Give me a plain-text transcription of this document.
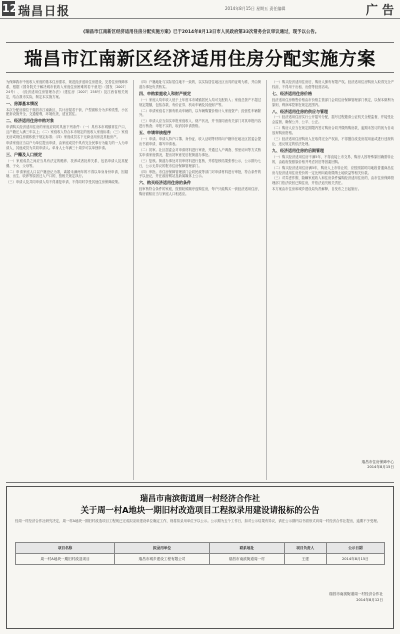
12 瑞昌日报	2014年8月15日 星期五 责任编辑	广 告
《瑞昌市江南新区经济适用住房分配实施方案》已于2014年8月13日市人民政府第33次常务会议审议通过，现予以公告。
瑞昌市江南新区经济适用住房分配实施方案

为保障我市中低收入家庭的基本住房需求，规范经济适用住房建设，完善住房保障体系，根据《国务院关于解决城市低收入家庭住房困难的若干意见》（国发〔2007〕24号）、《经济适用住房管理办法》（建住房〔2007〕258号）及江西省相关规定，结合我市实际，制定本实施方案。

一、房源基本情况

本次分配房源位于瑞昌市江南新区，共计房屋若干套，户型面积分为多种类型，小区配套设施齐全，交通便利，环境优美，适宜居住。

二、经济适用住房申购对象

申请购买经济适用住房的家庭应同时具备下列条件：（一）具有本市城镇常住户口，且户籍迁入满三年以上；（二）家庭收入符合本市规定的低收入家庭标准；（三）家庭无房或现住房面积低于规定标准；（四）家庭成员名下无商业用房及其他房产。

申请家庭应当以户为单位提出申请，由家庭成员中具有完全民事行为能力的一人为申请人，其他成员为共同申请人。单身人士年满三十周岁可以单独申请。

三、户籍及人口规定

（一）家庭成员之间应当具有法定的赡养、扶养或者抚养关系，包括申请人及其配偶、子女、父母等。

（二）申请家庭人口以户籍登记为准，离婚未满两年的不得以单身身份申请，因婚姻、出生、收养等原因迁入户口的，按相关规定执行。

（三）申请人及共同申请人均不得重复申请，不得同时享受其他住房保障政策。

（四）户籍地址与实际居住地不一致的，以实际居住地社区出具的证明为准，并由街道办事处负责核实。

四、申购家庭收入和财产规定

（一）家庭人均年收入低于上年度本市城镇居民人均可支配收入；家庭总资产不超过规定限额，包括存款、有价证券、机动车辆及其他财产等。

（二）申请家庭名下拥有机动车辆的，以车辆购置价格计入家庭资产；经营性车辆除外。

（三）申请人应当如实申报家庭收入、财产状况，并书面同意有关部门对其申报内容进行核查；申报不实的，取消其申请资格。

五、申请审核程序

（一）申请。申请人持户口簿、身份证、收入证明等材料向户籍所在地社区居委会提出书面申请，填写申请表。

（二）初审。社区居委会对申请材料进行审查，并通过入户调查、邻里访问等方式核实申请家庭情况，提出初审意见后报街道办事处。

（三）复核。街道办事处对初审材料进行复核，并将复核结果张榜公示，公示期为七日，公示无异议的报市住房保障管理部门。

（四）审批。市住房保障管理部门会同民政等部门对申请材料进行审批，符合条件的予以登记，并在政府网站及新闻媒体上公示。

六、购买经济适用住房的条件

经审核符合条件的家庭，按照轮候顺序选购住房，每户只能购买一套经济适用住房，购房面积应当与家庭人口相适应。

（一）购买经济适用住房后，购房人拥有有限产权。经济适用住房购房人取得完全产权前，不得用于出租、出借等经营活动。

七、经济适用住房价格

经济适用住房销售价格由市价格主管部门会同住房保障管理部门核定，以保本微利为原则，利润率控制在规定范围内。

八、经济适用住房的供应与管理

（一）经济适用住房实行公开摇号分配，摇号过程邀请公证机关全程监督，并接受社会监督，确保公开、公平、公正。

（二）购房人应当在规定期限内签订购房合同并缴纳购房款，逾期未签订的视为自动放弃购房资格。

（三）经济适用住房购房人在取得完全产权前，不得擅自改变房屋用途或进行违规转让，违反规定的依法处理。

九、经济适用住房的后期管理

（一）购买经济适用住房不满5年，不得直接上市交易，购房人因特殊原因确需转让的，由政府按照原价格并考虑折旧等因素回购。

（二）购买经济适用住房满5年，购房人上市转让的，应按照届时同地段普通商品住房与经济适用住房差价的一定比例向政府缴纳土地收益等相关价款。

（三）对弄虚作假、隐瞒家庭收入和住房条件骗购经济适用住房的，由市住房保障管理部门依法收回已购住房，并依法追究相关责任。

本方案由市住房和城乡建设局负责解释，自发布之日起施行。

瑞昌市住房保障中心
2014年8月15日
瑞昌市南滨街道周一村经济合作社
关于周一村A地块一期旧村改造项目工程拟录用建设请报标的公告
经周一村经济合作社研究决定，周一村A地块一期旧村改造项目工程现已完成拟录用建设单位确定工作，现将拟录用单位予以公示。公示期为五个工作日，如对公示结果有异议，请在公示期内以书面形式向周一村经济合作社提出，逾期不予受理。
项目名称	拟录用单位	联系地址	项目负责人	公示日期
周一村A地块一期旧村改造项目	瑞昌市城乡建设工程有限公司	瑞昌市南滨街道周一村	王建	2014年8月15日
瑞昌市南滨街道周一村经济合作社
2014年8月12日
